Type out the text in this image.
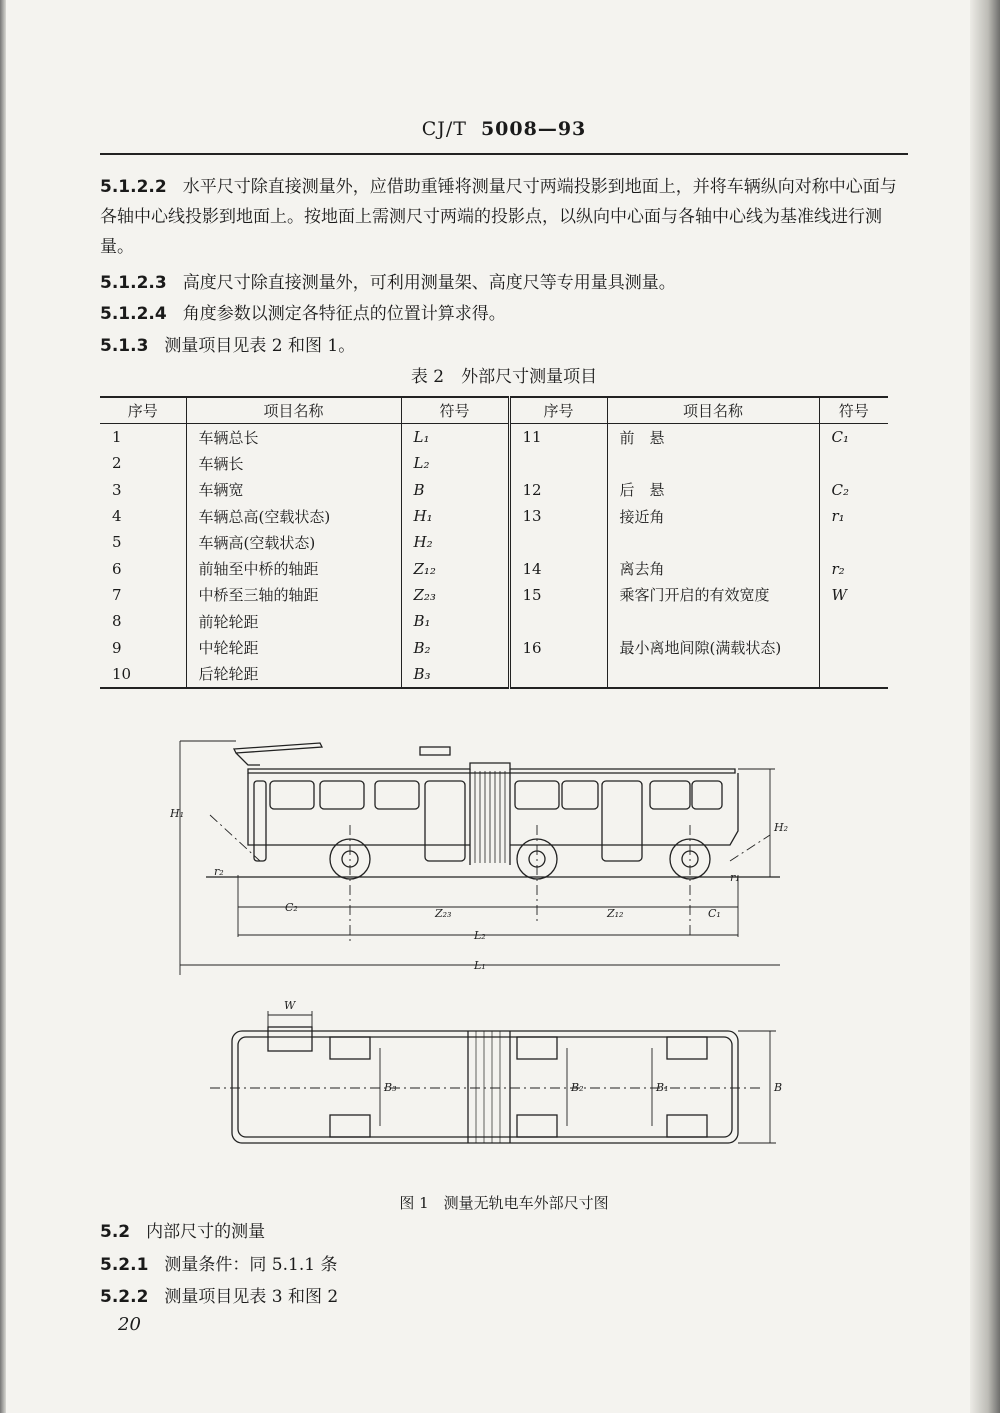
CJ/T 5008—93
5.1.2.2 水平尺寸除直接测量外，应借助重锤将测量尺寸两端投影到地面上，并将车辆纵向对称中心面与各轴中心线投影到地面上。按地面上需测尺寸两端的投影点，以纵向中心面与各轴中心线为基准线进行测量。
5.1.2.3 高度尺寸除直接测量外，可利用测量架、高度尺等专用量具测量。
5.1.2.4 角度参数以测定各特征点的位置计算求得。
5.1.3 测量项目见表 2 和图 1。
表 2　外部尺寸测量项目
序号	项目名称	符号	序号	项目名称	符号
1	车辆总长	L₁	11	前　悬	C₁
2	车辆长	L₂			
3	车辆宽	B	12	后　悬	C₂
4	车辆总高(空载状态)	H₁	13	接近角	r₁
5	车辆高(空载状态)	H₂			
6	前轴至中桥的轴距	Z₁₂	14	离去角	r₂
7	中桥至三轴的轴距	Z₂₃	15	乘客门开启的有效宽度	W
8	前轮轮距	B₁			
9	中轮轮距	B₂	16	最小离地间隙(满载状态)	
10	后轮轮距	B₃			
H₁
H₂
r₂	r₁
C₂	Z₂₃	Z₁₂	C₁
L₂
L₁
W
B₃	B₂	B₁	B
图 1　测量无轨电车外部尺寸图
5.2 内部尺寸的测量
5.2.1 测量条件：同 5.1.1 条
5.2.2 测量项目见表 3 和图 2
20
